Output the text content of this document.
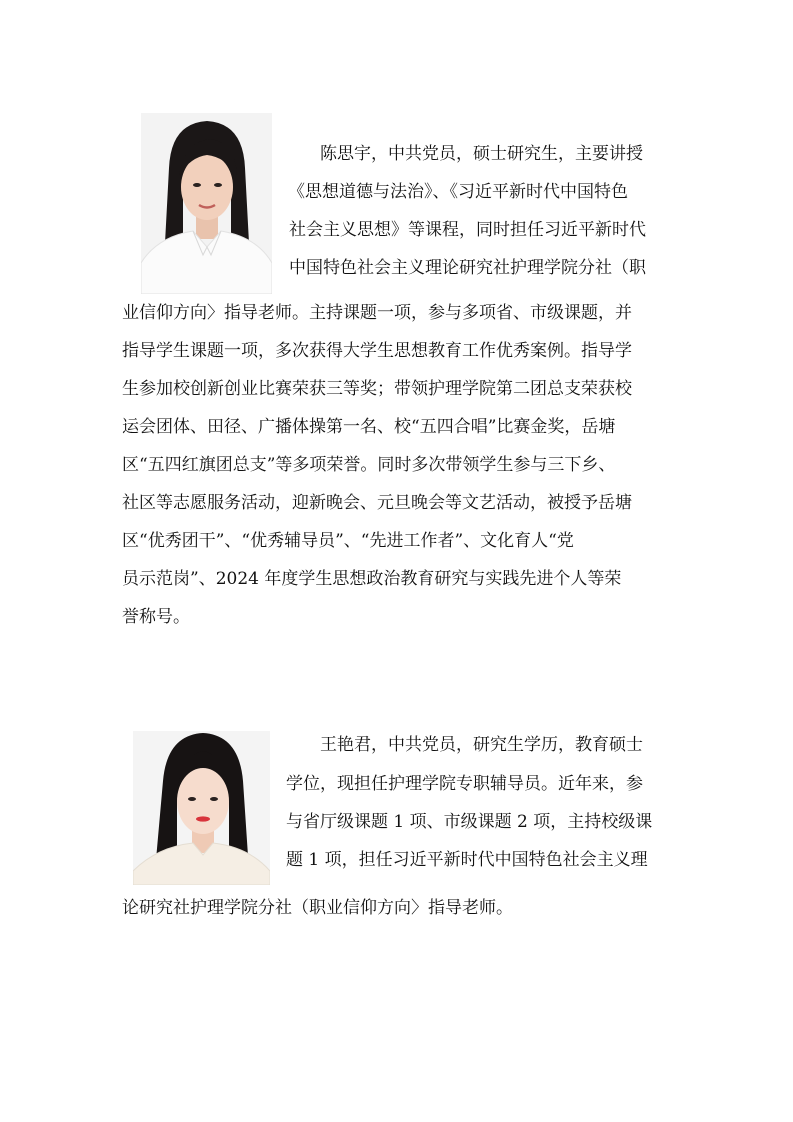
陈思宇，中共党员，硕士研究生，主要讲授

《思想道德与法治》、《习近平新时代中国特色

社会主义思想》等课程，同时担任习近平新时代

中国特色社会主义理论研究社护理学院分社（职

业信仰方向〉指导老师。主持课题一项，参与多项省、市级课题，并

指导学生课题一项，多次获得大学生思想教育工作优秀案例。指导学

生参加校创新创业比赛荣获三等奖；带领护理学院第二团总支荣获校

运会团体、田径、广播体操第一名、校“五四合唱”比赛金奖，岳塘

区“五四红旗团总支”等多项荣誉。同时多次带领学生参与三下乡、

社区等志愿服务活动，迎新晚会、元旦晚会等文艺活动，被授予岳塘

区“优秀团干”、“优秀辅导员”、“先进工作者”、文化育人“党

员示范岗”、2024 年度学生思想政治教育研究与实践先进个人等荣

誉称号。

王艳君，中共党员，研究生学历，教育硕士

学位，现担任护理学院专职辅导员。近年来，参

与省厅级课题 1 项、市级课题 2 项，主持校级课

题 1 项，担任习近平新时代中国特色社会主义理

论研究社护理学院分社（职业信仰方向〉指导老师。
